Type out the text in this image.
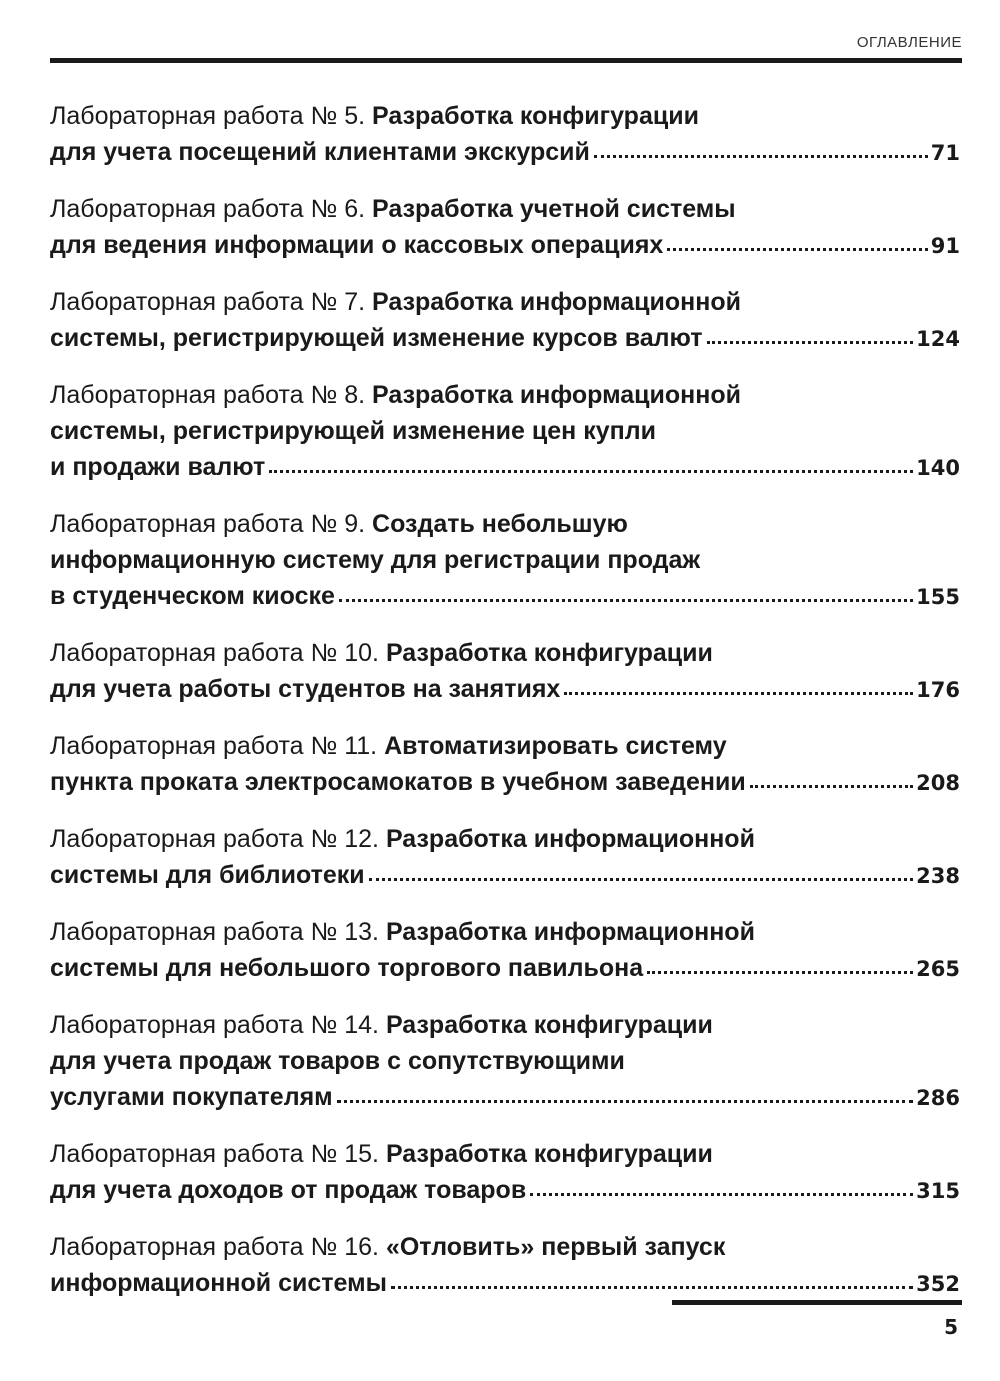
ОГЛАВЛЕНИЕ
Лабораторная работа № 5. Разработка конфигурации
для учета посещений клиентами экскурсий	71
Лабораторная работа № 6. Разработка учетной системы
для ведения информации о кассовых операциях	91
Лабораторная работа № 7. Разработка информационной
системы, регистрирующей изменение курсов валют	124
Лабораторная работа № 8. Разработка информационной
системы, регистрирующей изменение цен купли
и продажи валют	140
Лабораторная работа № 9. Создать небольшую
информационную систему для регистрации продаж
в студенческом киоске	155
Лабораторная работа № 10. Разработка конфигурации
для учета работы студентов на занятиях	176
Лабораторная работа № 11. Автоматизировать систему
пункта проката электросамокатов в учебном заведении	208
Лабораторная работа № 12. Разработка информационной
системы для библиотеки	238
Лабораторная работа № 13. Разработка информационной
системы для небольшого торгового павильона	265
Лабораторная работа № 14. Разработка конфигурации
для учета продаж товаров с сопутствующими
услугами покупателям	286
Лабораторная работа № 15. Разработка конфигурации
для учета доходов от продаж товаров	315
Лабораторная работа № 16. «Отловить» первый запуск
информационной системы	352
5
